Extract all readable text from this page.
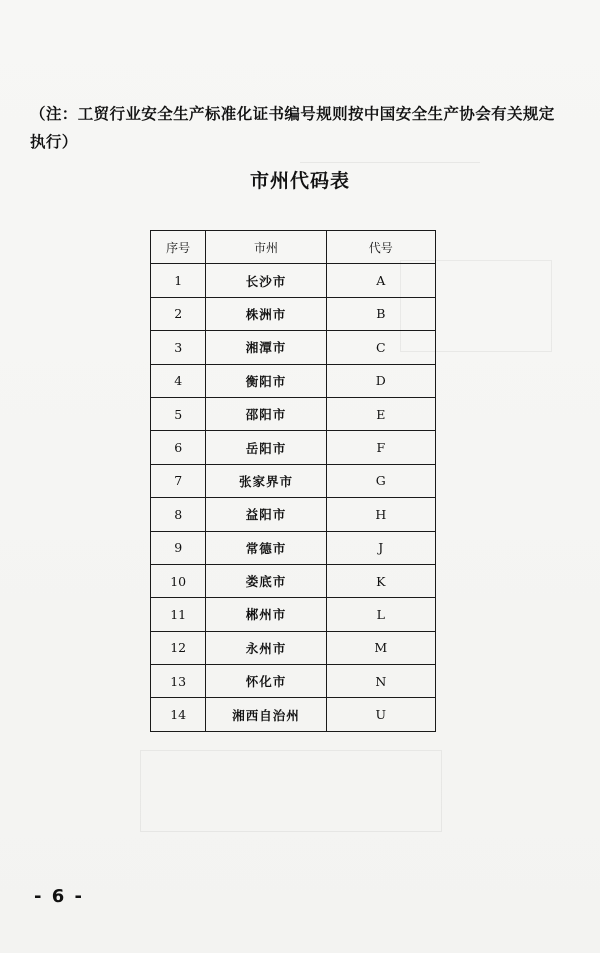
（注：工贸行业安全生产标准化证书编号规则按中国安全生产协会有关规定执行）
市州代码表
序号	市州	代号
1	长沙市	A
2	株洲市	B
3	湘潭市	C
4	衡阳市	D
5	邵阳市	E
6	岳阳市	F
7	张家界市	G
8	益阳市	H
9	常德市	J
10	娄底市	K
11	郴州市	L
12	永州市	M
13	怀化市	N
14	湘西自治州	U
- 6 -
